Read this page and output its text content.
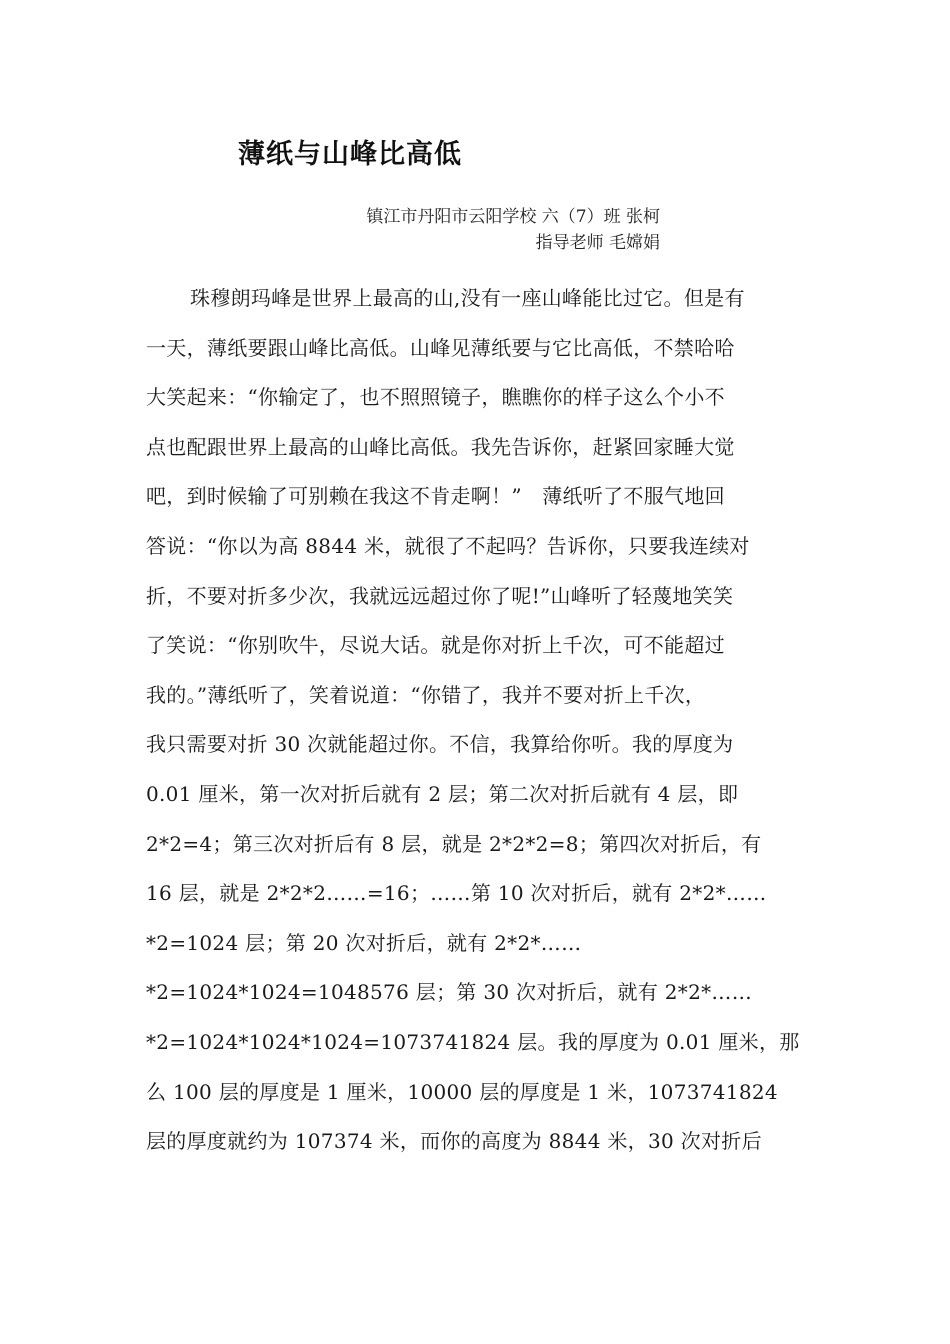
薄纸与山峰比高低
镇江市丹阳市云阳学校 六（7）班 张柯
指导老师 毛嫦娟
珠穆朗玛峰是世界上最高的山,没有一座山峰能比过它。但是有
一天，薄纸要跟山峰比高低。山峰见薄纸要与它比高低，不禁哈哈
大笑起来：“你输定了，也不照照镜子，瞧瞧你的样子这么个小不
点也配跟世界上最高的山峰比高低。我先告诉你，赶紧回家睡大觉
吧，到时候输了可别赖在我这不肯走啊！”　薄纸听了不服气地回
答说：“你以为高 8844 米，就很了不起吗？告诉你，只要我连续对
折，不要对折多少次，我就远远超过你了呢!”山峰听了轻蔑地笑笑
了笑说：“你别吹牛，尽说大话。就是你对折上千次，可不能超过
我的。”薄纸听了，笑着说道：“你错了，我并不要对折上千次，
我只需要对折 30 次就能超过你。不信，我算给你听。我的厚度为
0.01 厘米，第一次对折后就有 2 层；第二次对折后就有 4 层，即
2*2=4；第三次对折后有 8 层，就是 2*2*2=8；第四次对折后，有
16 层，就是 2*2*2……=16；……第 10 次对折后，就有 2*2*……
*2=1024 层；第 20 次对折后，就有 2*2*……
*2=1024*1024=1048576 层；第 30 次对折后，就有 2*2*……
*2=1024*1024*1024=1073741824 层。我的厚度为 0.01 厘米，那
么 100 层的厚度是 1 厘米，10000 层的厚度是 1 米，1073741824
层的厚度就约为 107374 米，而你的高度为 8844 米，30 次对折后
